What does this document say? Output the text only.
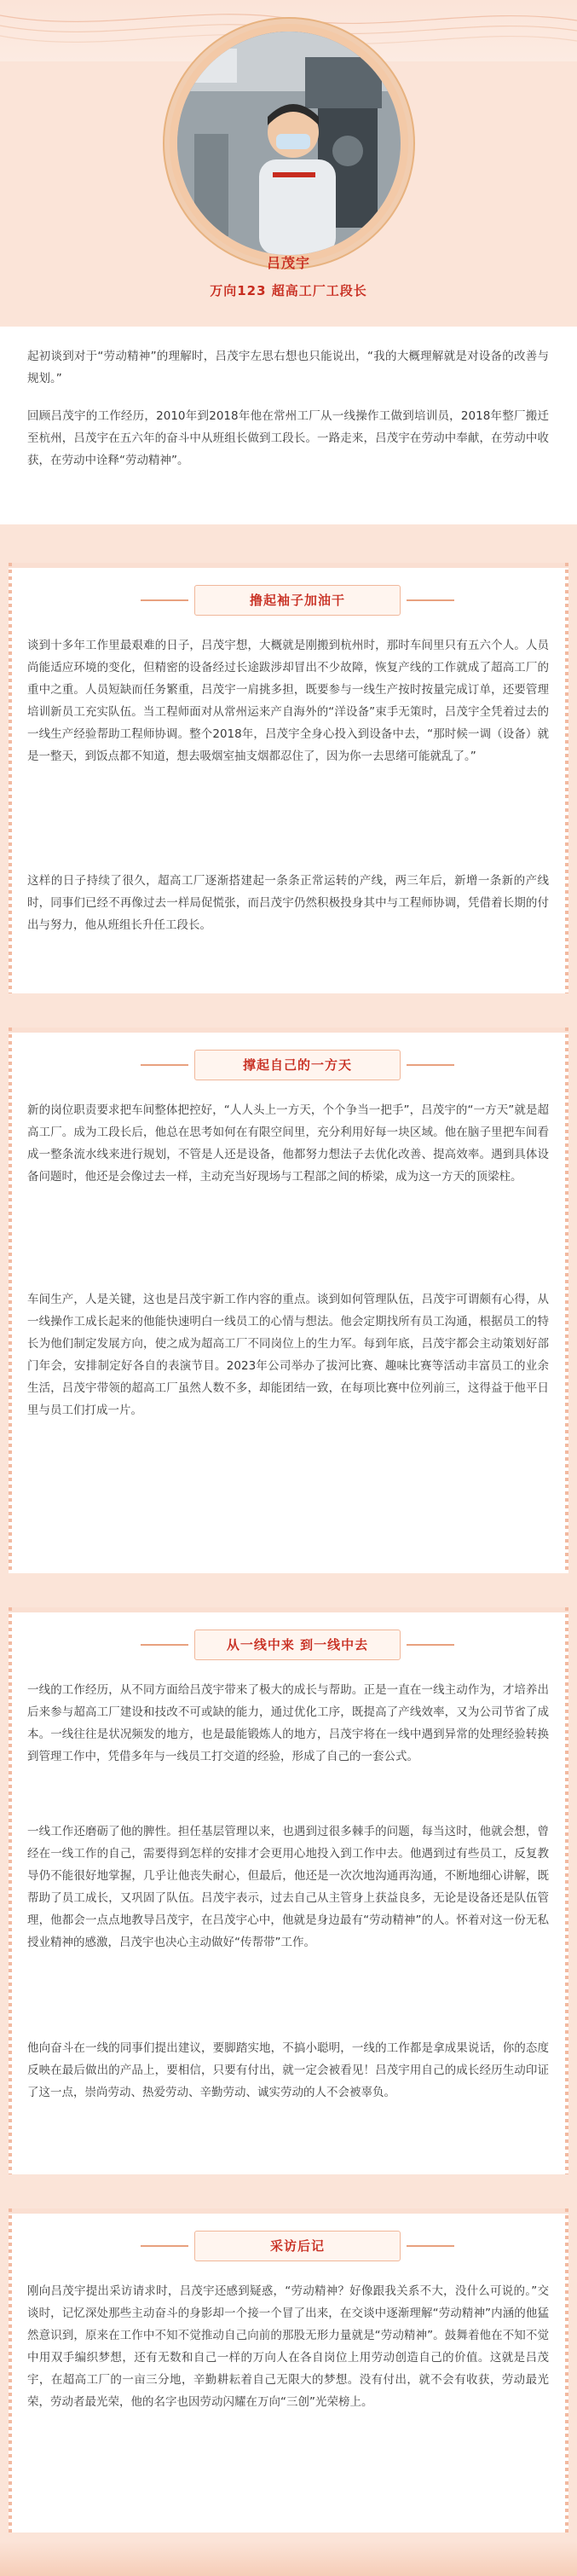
吕茂宇
万向123 超高工厂工段长

起初谈到对于“劳动精神”的理解时，吕茂宇左思右想也只能说出，“我的大概理解就是对设备的改善与规划。”

回顾吕茂宇的工作经历，2010年到2018年他在常州工厂从一线操作工做到培训员，2018年整厂搬迁至杭州，吕茂宇在五六年的奋斗中从班组长做到工段长。一路走来，吕茂宇在劳动中奉献，在劳动中收获，在劳动中诠释“劳动精神”。

撸起袖子加油干

谈到十多年工作里最艰难的日子，吕茂宇想，大概就是刚搬到杭州时，那时车间里只有五六个人。人员尚能适应环境的变化，但精密的设备经过长途跋涉却冒出不少故障，恢复产线的工作就成了超高工厂的重中之重。人员短缺而任务繁重，吕茂宇一肩挑多担，既要参与一线生产按时按量完成订单，还要管理培训新员工充实队伍。当工程师面对从常州运来产自海外的“洋设备”束手无策时，吕茂宇全凭着过去的一线生产经验帮助工程师协调。整个2018年，吕茂宇全身心投入到设备中去，“那时候一调（设备）就是一整天，到饭点都不知道，想去吸烟室抽支烟都忍住了，因为你一去思绪可能就乱了。”

这样的日子持续了很久，超高工厂逐渐搭建起一条条正常运转的产线，两三年后，新增一条新的产线时，同事们已经不再像过去一样局促慌张，而吕茂宇仍然积极投身其中与工程师协调，凭借着长期的付出与努力，他从班组长升任工段长。

撑起自己的一方天

新的岗位职责要求把车间整体把控好，“人人头上一方天，个个争当一把手”，吕茂宇的“一方天”就是超高工厂。成为工段长后，他总在思考如何在有限空间里，充分利用好每一块区域。他在脑子里把车间看成一整条流水线来进行规划，不管是人还是设备，他都努力想法子去优化改善、提高效率。遇到具体设备问题时，他还是会像过去一样，主动充当好现场与工程部之间的桥梁，成为这一方天的顶梁柱。

车间生产，人是关键，这也是吕茂宇新工作内容的重点。谈到如何管理队伍，吕茂宇可谓颇有心得，从一线操作工成长起来的他能快速明白一线员工的心情与想法。他会定期找所有员工沟通，根据员工的特长为他们制定发展方向，使之成为超高工厂不同岗位上的生力军。每到年底，吕茂宇都会主动策划好部门年会，安排制定好各自的表演节目。2023年公司举办了拔河比赛、趣味比赛等活动丰富员工的业余生活，吕茂宇带领的超高工厂虽然人数不多，却能团结一致，在每项比赛中位列前三，这得益于他平日里与员工们打成一片。

从一线中来 到一线中去

一线的工作经历，从不同方面给吕茂宇带来了极大的成长与帮助。正是一直在一线主动作为，才培养出后来参与超高工厂建设和技改不可或缺的能力，通过优化工序，既提高了产线效率，又为公司节省了成本。一线往往是状况频发的地方，也是最能锻炼人的地方，吕茂宇将在一线中遇到异常的处理经验转换到管理工作中，凭借多年与一线员工打交道的经验，形成了自己的一套公式。

一线工作还磨砺了他的脾性。担任基层管理以来，也遇到过很多棘手的问题，每当这时，他就会想，曾经在一线工作的自己，需要得到怎样的安排才会更用心地投入到工作中去。他遇到过有些员工，反复教导仍不能很好地掌握，几乎让他丧失耐心，但最后，他还是一次次地沟通再沟通，不断地细心讲解，既帮助了员工成长，又巩固了队伍。吕茂宇表示，过去自己从主管身上获益良多，无论是设备还是队伍管理，他都会一点点地教导吕茂宇，在吕茂宇心中，他就是身边最有“劳动精神”的人。怀着对这一份无私授业精神的感激，吕茂宇也决心主动做好“传帮带”工作。

他向奋斗在一线的同事们提出建议，要脚踏实地，不搞小聪明，一线的工作都是拿成果说话，你的态度反映在最后做出的产品上，要相信，只要有付出，就一定会被看见！吕茂宇用自己的成长经历生动印证了这一点，崇尚劳动、热爱劳动、辛勤劳动、诚实劳动的人不会被辜负。

采访后记

刚向吕茂宇提出采访请求时，吕茂宇还感到疑惑，“劳动精神？好像跟我关系不大，没什么可说的。”交谈时，记忆深处那些主动奋斗的身影却一个接一个冒了出来，在交谈中逐渐理解“劳动精神”内涵的他猛然意识到，原来在工作中不知不觉推动自己向前的那股无形力量就是“劳动精神”。鼓舞着他在不知不觉中用双手编织梦想，还有无数和自己一样的万向人在各自岗位上用劳动创造自己的价值。这就是吕茂宇，在超高工厂的一亩三分地，辛勤耕耘着自己无限大的梦想。没有付出，就不会有收获，劳动最光荣，劳动者最光荣，他的名字也因劳动闪耀在万向“三创”光荣榜上。
